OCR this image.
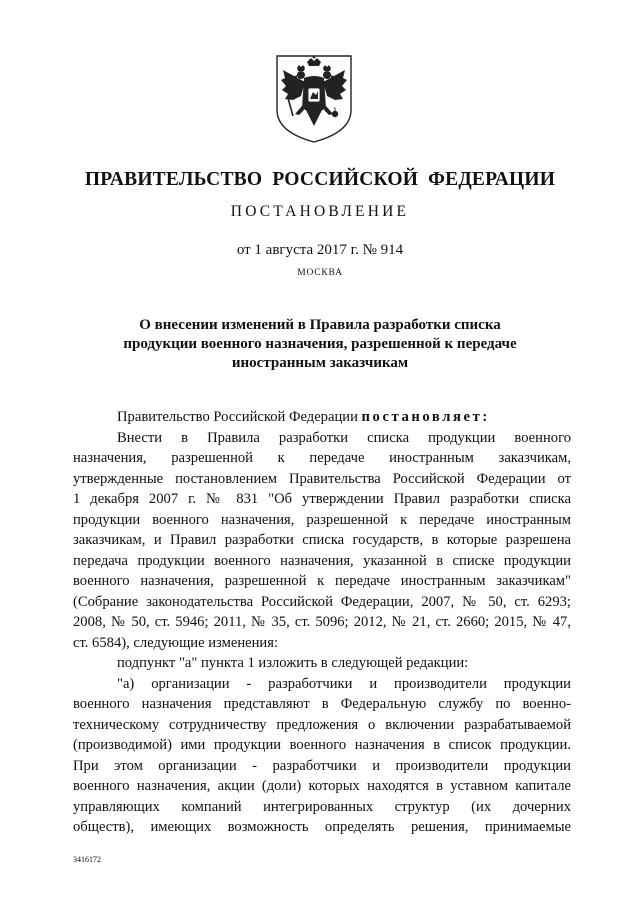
ПРАВИТЕЛЬСТВО РОССИЙСКОЙ ФЕДЕРАЦИИ
ПОСТАНОВЛЕНИЕ
от 1 августа 2017 г. № 914
МОСКВА
О внесении изменений в Правила разработки списка
продукции военного назначения, разрешенной к передаче
иностранным заказчикам
Правительство Российской Федерации постановляет:
Внести в Правила разработки списка продукции военного
назначения, разрешенной к передаче иностранным заказчикам,
утвержденные постановлением Правительства Российской Федерации от
1 декабря 2007 г. № 831 "Об утверждении Правил разработки списка
продукции военного назначения, разрешенной к передаче иностранным
заказчикам, и Правил разработки списка государств, в которые разрешена
передача продукции военного назначения, указанной в списке продукции
военного назначения, разрешенной к передаче иностранным заказчикам"
(Собрание законодательства Российской Федерации, 2007, № 50, ст. 6293;
2008, № 50, ст. 5946; 2011, № 35, ст. 5096; 2012, № 21, ст. 2660; 2015, № 47,
ст. 6584), следующие изменения:
подпункт "а" пункта 1 изложить в следующей редакции:
"а) организации - разработчики и производители продукции
военного назначения представляют в Федеральную службу по военно-
техническому сотрудничеству предложения о включении разрабатываемой
(производимой) ими продукции военного назначения в список продукции.
При этом организации - разработчики и производители продукции
военного назначения, акции (доли) которых находятся в уставном капитале
управляющих компаний интегрированных структур (их дочерних
обществ), имеющих возможность определять решения, принимаемые
3416172
